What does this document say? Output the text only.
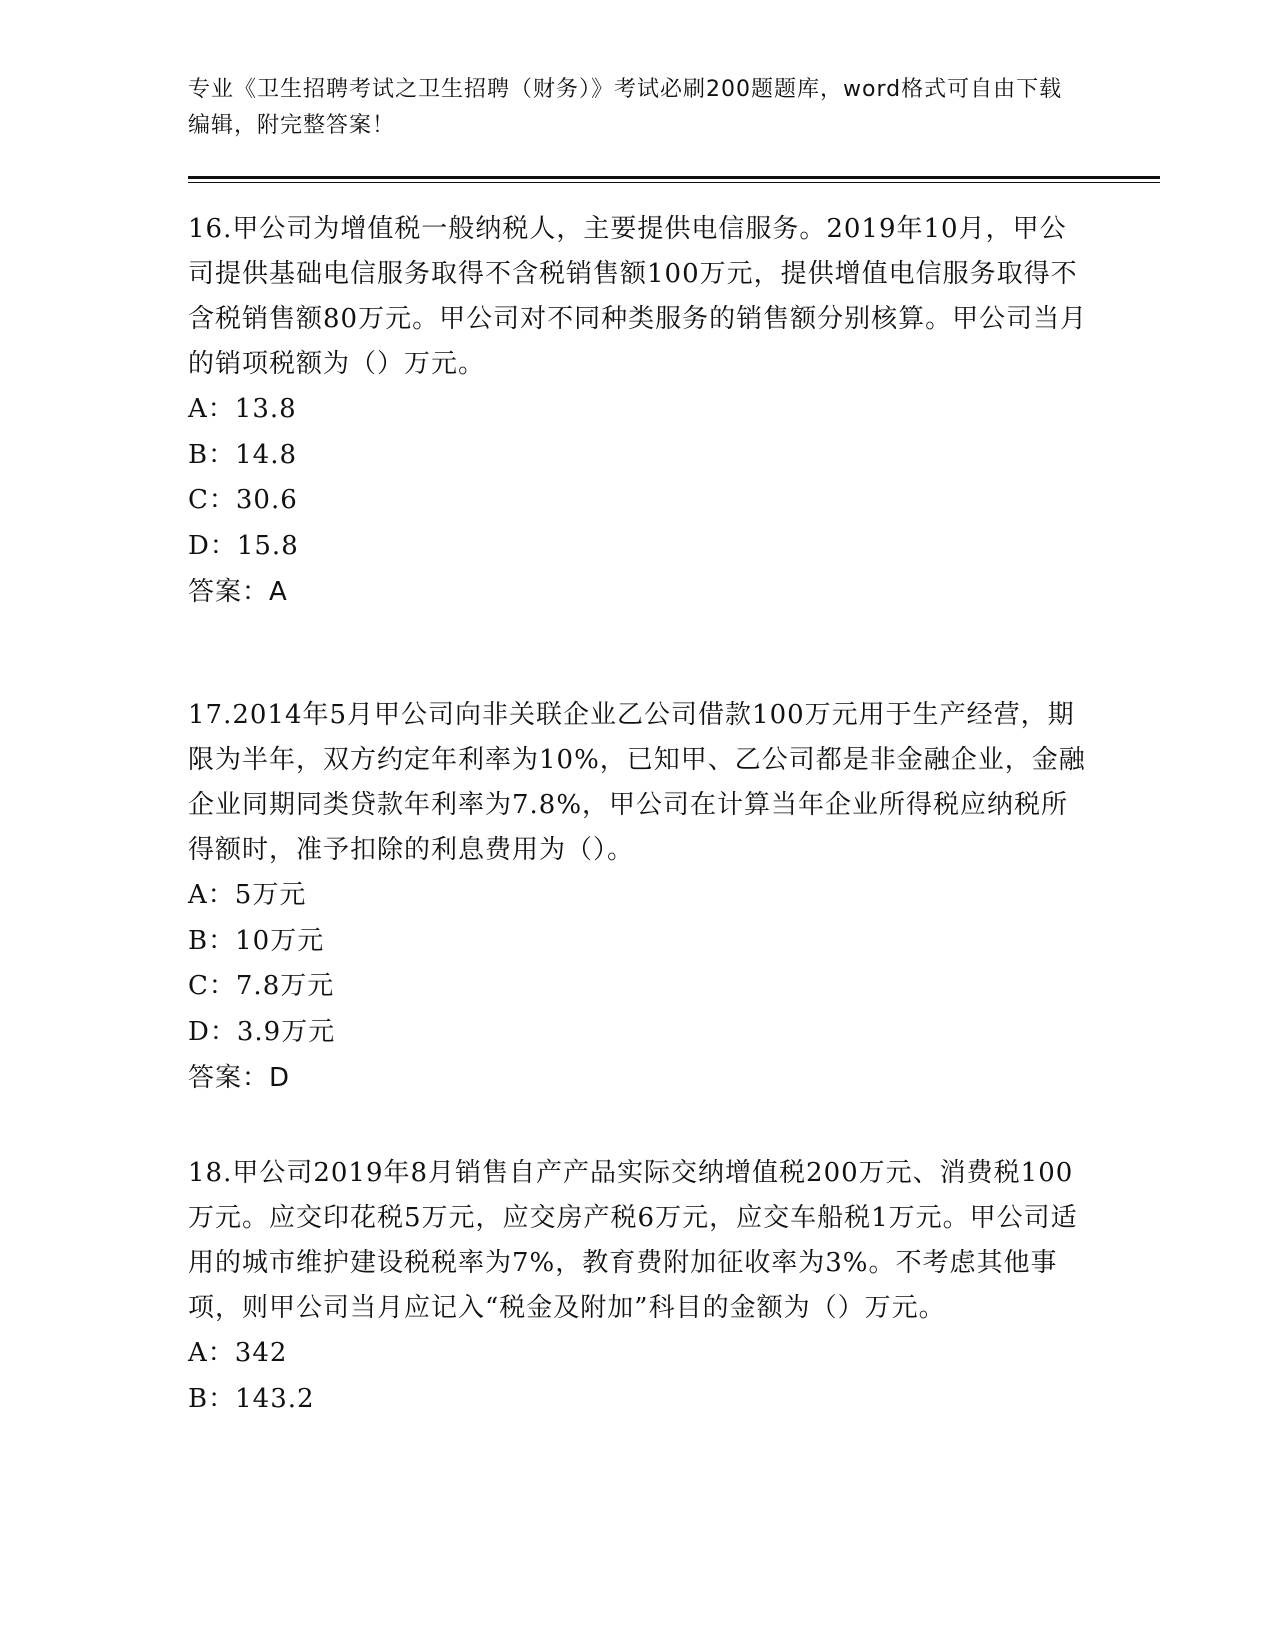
专业《卫生招聘考试之卫生招聘（财务）》考试必刷200题题库，word格式可自由下载编辑，附完整答案！
16.甲公司为增值税一般纳税人，主要提供电信服务。2019年10月，甲公司提供基础电信服务取得不含税销售额100万元，提供增值电信服务取得不含税销售额80万元。甲公司对不同种类服务的销售额分别核算。甲公司当月的销项税额为（）万元。
A：13.8
B：14.8
C：30.6
D：15.8
答案：A
17.2014年5月甲公司向非关联企业乙公司借款100万元用于生产经营，期限为半年，双方约定年利率为10%，已知甲、乙公司都是非金融企业，金融企业同期同类贷款年利率为7.8%，甲公司在计算当年企业所得税应纳税所得额时，准予扣除的利息费用为（）。
A：5万元
B：10万元
C：7.8万元
D：3.9万元
答案：D
18.甲公司2019年8月销售自产产品实际交纳增值税200万元、消费税100万元。应交印花税5万元，应交房产税6万元，应交车船税1万元。甲公司适用的城市维护建设税税率为7%，教育费附加征收率为3%。不考虑其他事项，则甲公司当月应记入“税金及附加”科目的金额为（）万元。
A：342
B：143.2
